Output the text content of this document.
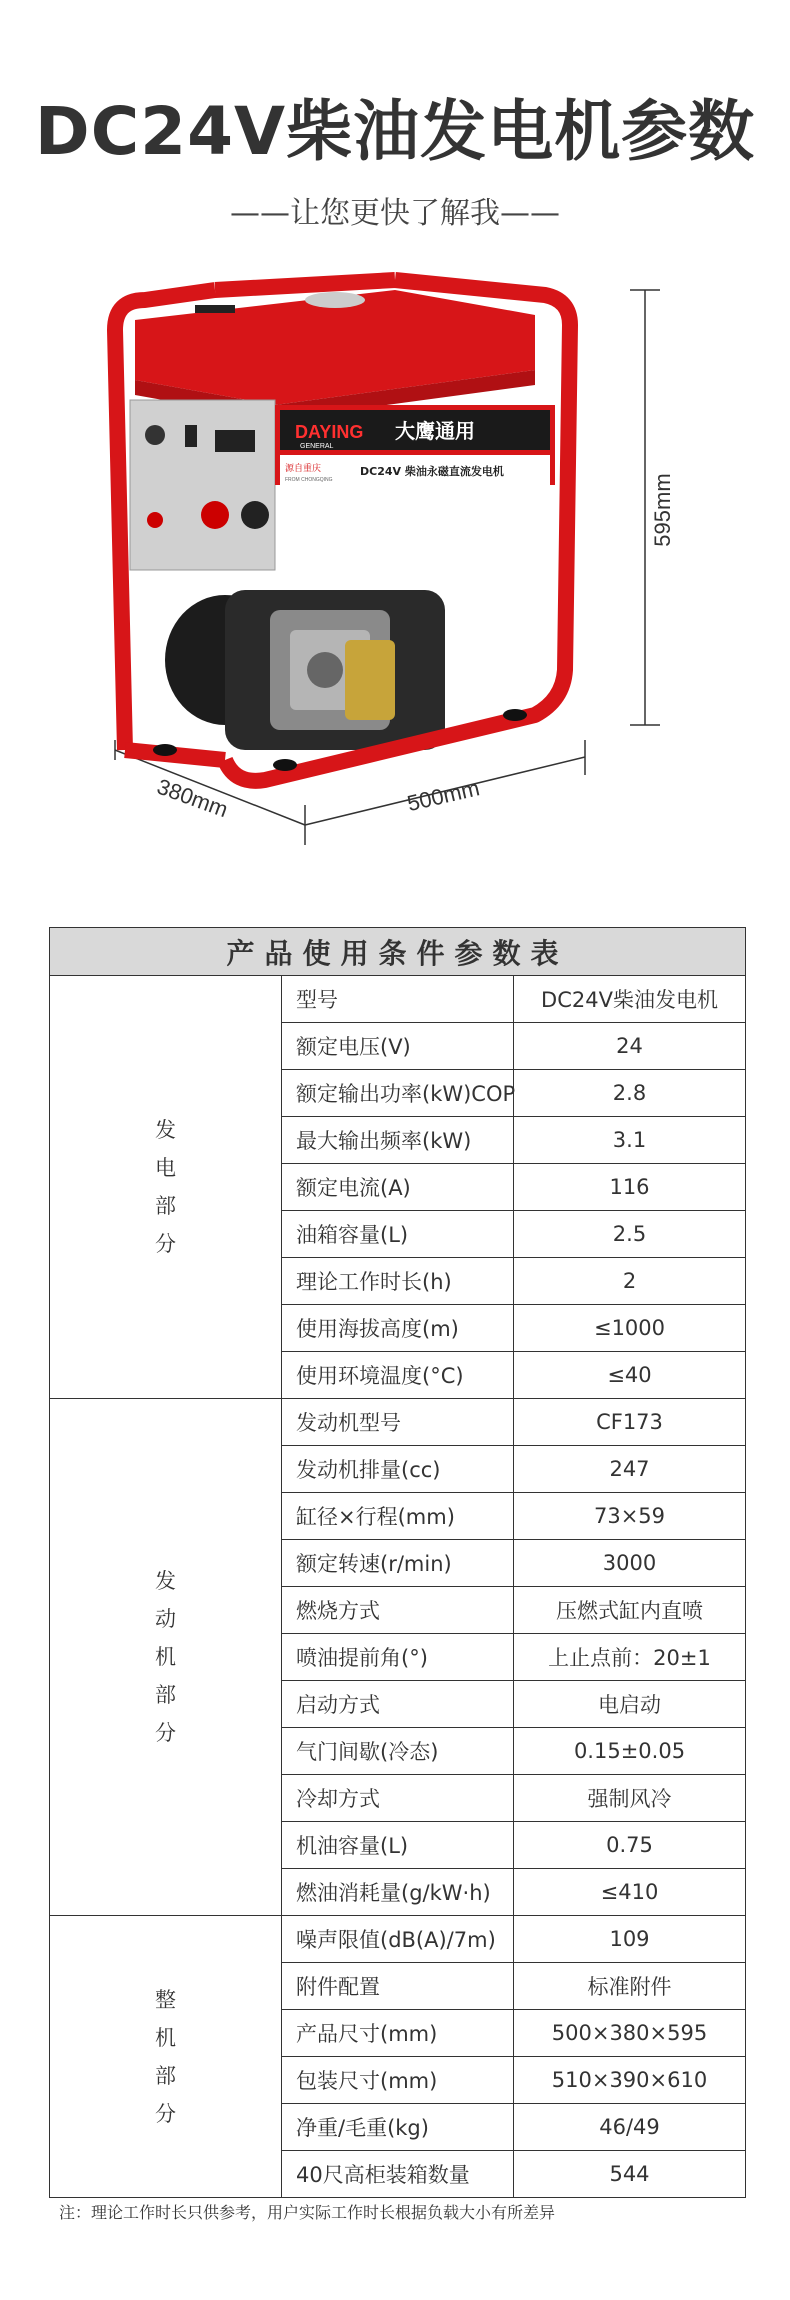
DC24V柴油发电机参数
——让您更快了解我——
595mm
380mm	500mm
DAYING
GENERAL
大鹰通用
源自重庆
FROM CHONGQING
DC24V 柴油永磁直流发电机
产品使用条件参数表		

发
电
部
分	型号	DC24V柴油发电机
	额定电压(V)	24
	额定输出功率(kW)COP	2.8
	最大输出频率(kW)	3.1
	额定电流(A)	116
	油箱容量(L)	2.5
	理论工作时长(h)	2
	使用海拔高度(m)	≤1000
	使用环境温度(°C)	≤40

发
动
机
部
分	发动机型号	CF173
	发动机排量(cc)	247
	缸径×行程(mm)	73×59
	额定转速(r/min)	3000
	燃烧方式	压燃式缸内直喷
	喷油提前角(°)	上止点前：20±1
	启动方式	电启动
	气门间歇(冷态)	0.15±0.05
	冷却方式	强制风冷
	机油容量(L)	0.75
	燃油消耗量(g/kW·h)	≤410

整
机
部
分	噪声限值(dB(A)/7m)	109
	附件配置	标准附件
	产品尺寸(mm)	500×380×595
	包装尺寸(mm)	510×390×610
	净重/毛重(kg)	46/49
	40尺高柜装箱数量	544
注：理论工作时长只供参考，用户实际工作时长根据负载大小有所差异
